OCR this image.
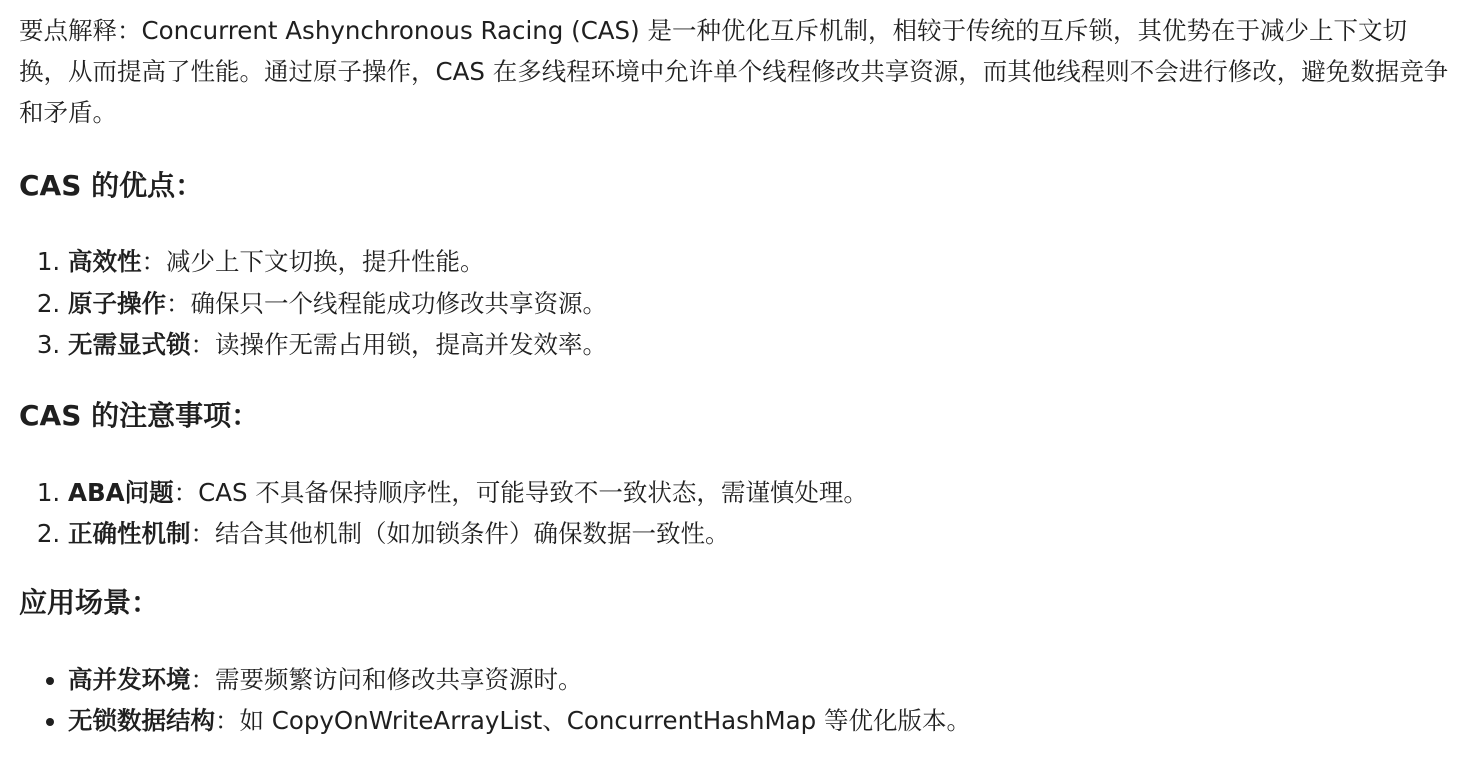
要点解释：Concurrent Ashynchronous Racing (CAS) 是一种优化互斥机制，相较于传统的互斥锁，其优势在于减少上下文切换，从而提高了性能。通过原子操作，CAS 在多线程环境中允许单个线程修改共享资源，而其他线程则不会进行修改，避免数据竞争和矛盾。

CAS 的优点：
1. 高效性：减少上下文切换，提升性能。
2. 原子操作：确保只一个线程能成功修改共享资源。
3. 无需显式锁：读操作无需占用锁，提高并发效率。
CAS 的注意事项：
1. ABA问题：CAS 不具备保持顺序性，可能导致不一致状态，需谨慎处理。
2. 正确性机制：结合其他机制（如加锁条件）确保数据一致性。
应用场景：
• 高并发环境：需要频繁访问和修改共享资源时。
• 无锁数据结构：如 CopyOnWriteArrayList、ConcurrentHashMap 等优化版本。
